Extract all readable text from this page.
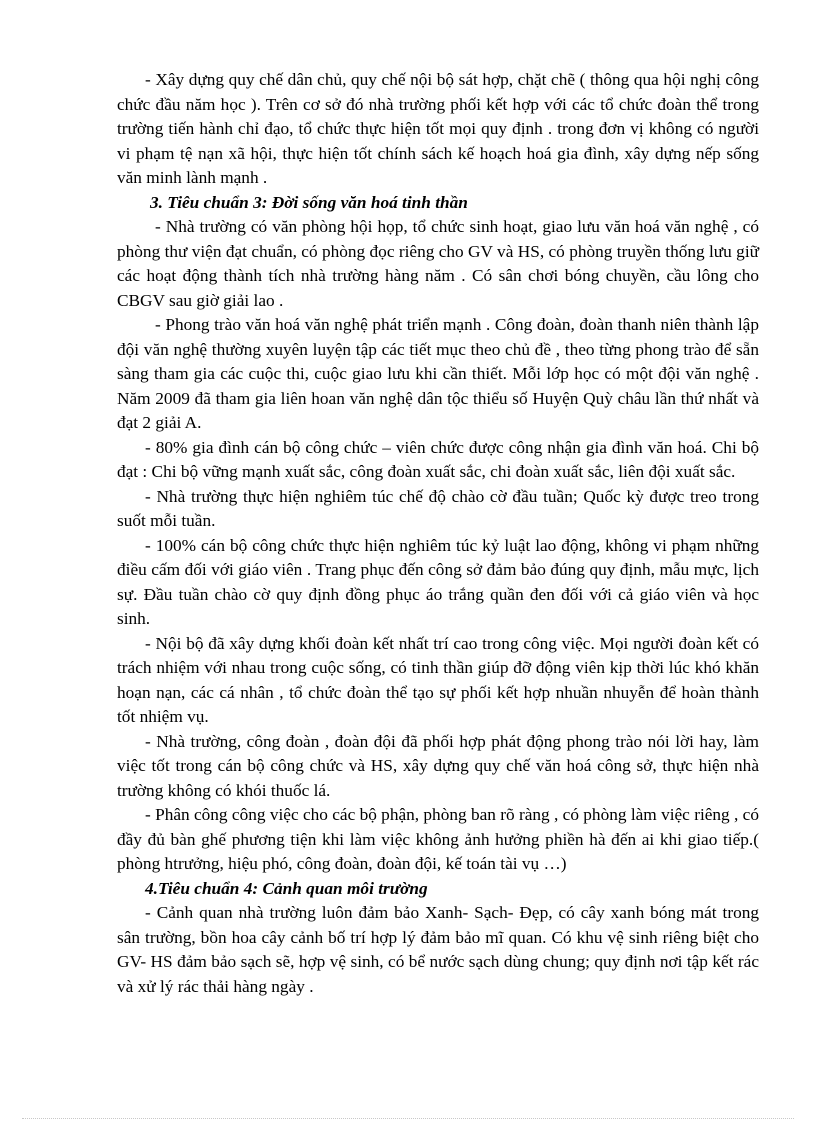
- Xây dựng quy chế dân chủ, quy chế nội bộ sát hợp, chặt chẽ ( thông qua hội nghị công chức đầu năm học ). Trên cơ sở đó nhà trường phối kết hợp với các tổ chức đoàn thể trong trường tiến hành chỉ đạo, tổ chức thực hiện tốt mọi quy định . trong đơn vị không có người vi phạm tệ nạn xã hội, thực hiện tốt chính sách kế hoạch hoá gia đình, xây dựng nếp sống văn minh lành mạnh .

3. Tiêu chuẩn 3: Đời sống văn hoá tinh thần

- Nhà trường có văn phòng hội họp, tổ chức sinh hoạt, giao lưu văn hoá văn nghệ , có phòng thư viện đạt chuẩn, có phòng đọc riêng cho GV và HS, có phòng truyền thống lưu giữ các hoạt động thành tích nhà trường hàng năm . Có sân chơi bóng chuyền, cầu lông cho CBGV sau giờ giải lao .

- Phong trào văn hoá văn nghệ phát triển mạnh . Công đoàn, đoàn thanh niên thành lập đội văn nghệ thường xuyên luyện tập các tiết mục theo chủ đề , theo từng phong trào để sẵn sàng tham gia các cuộc thi, cuộc giao lưu khi cần thiết. Mỗi lớp học có một đội văn nghệ . Năm 2009 đã tham gia liên hoan văn nghệ dân tộc thiểu số Huyện Quỳ châu lần thứ nhất và đạt 2 giải A.

- 80% gia đình cán bộ công chức – viên chức được công nhận gia đình văn hoá. Chi bộ đạt : Chi bộ vững mạnh xuất sắc, công đoàn xuất sắc, chi đoàn xuất sắc, liên đội xuất sắc.

- Nhà trường thực hiện nghiêm túc chế độ chào cờ đầu tuần; Quốc kỳ được treo trong suốt mỗi tuần.

- 100% cán bộ công chức thực hiện nghiêm túc kỷ luật lao động, không vi phạm những điều cấm đối với giáo viên . Trang phục đến công sở đảm bảo đúng quy định, mẫu mực, lịch sự. Đầu tuần chào cờ quy định đồng phục áo trắng quần đen đối với cả giáo viên và học sinh.

- Nội bộ đã xây dựng khối đoàn kết nhất trí cao trong công việc. Mọi người đoàn kết có trách nhiệm với nhau trong cuộc sống, có tinh thần giúp đỡ động viên kịp thời lúc khó khăn hoạn nạn, các cá nhân , tổ chức đoàn thể tạo sự phối kết hợp nhuần nhuyễn để hoàn thành tốt nhiệm vụ.

- Nhà trường, công đoàn , đoàn đội đã phối hợp phát động phong trào nói lời hay, làm việc tốt trong cán bộ công chức và HS, xây dựng quy chế văn hoá công sở, thực hiện nhà trường không có khói thuốc lá.

- Phân công công việc cho các bộ phận, phòng ban rõ ràng , có phòng làm việc riêng , có đầy đủ bàn ghế phương tiện khi làm việc không ảnh hưởng phiền hà đến ai khi giao tiếp.( phòng htrưởng, hiệu phó, công đoàn, đoàn đội, kế toán tài vụ …)

4.Tiêu chuẩn 4: Cảnh quan môi trường

- Cảnh quan nhà trường luôn đảm bảo Xanh- Sạch- Đẹp, có cây xanh bóng mát trong sân trường, bồn hoa cây cảnh bố trí hợp lý đảm bảo mĩ quan. Có khu vệ sinh riêng biệt cho GV- HS đảm bảo sạch sẽ, hợp vệ sinh, có bể nước sạch dùng chung; quy định nơi tập kết rác và xử lý rác thải hàng ngày .
